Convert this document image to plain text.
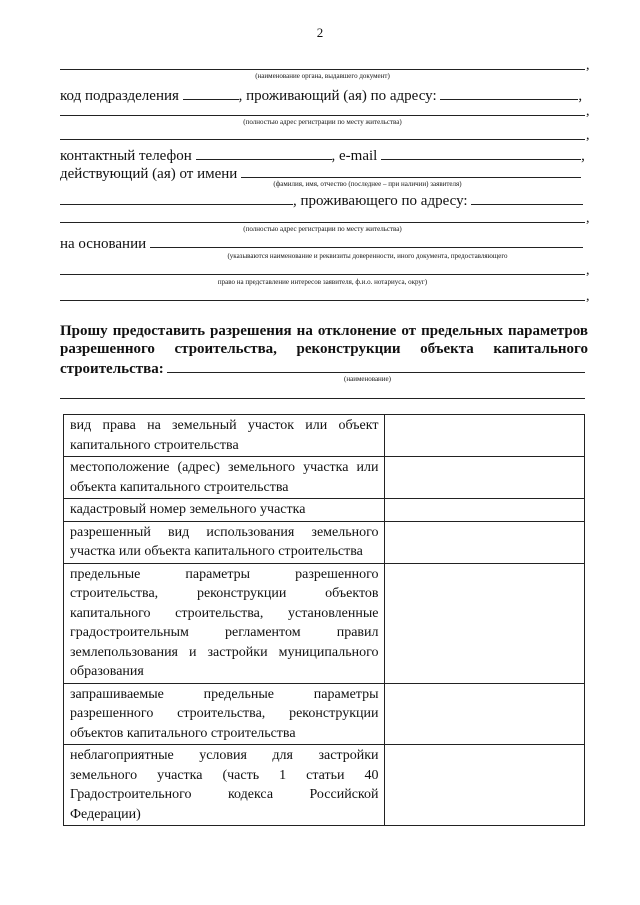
2
,
(наименование органа, выдавшего документ)
код подразделения	, проживающий (ая) по адресу:	,
,
(полностью адрес регистрации по месту жительства)
,
контактный телефон	, e-mail	,
действующий (ая) от имени
(фамилия, имя, отчество (последнее – при наличии) заявителя)
, проживающего по адресу:
,
(полностью адрес регистрации по месту жительства)
на основании
(указываются наименование и реквизиты доверенности, иного документа, предоставляющего
,
право на представление интересов заявителя, ф.и.о. нотариуса, округ)
,
Прошу предоставить разрешения на отклонение от предельных параметров
разрешенного строительства, реконструкции объекта капитального
строительства:
(наименование)
вид права на земельный участок или объект капитального строительства	
местоположение (адрес) земельного участка или объекта капитального строительства	
кадастровый номер земельного участка	
разрешенный вид использования земельного участка или объекта капитального строительства	
предельные параметры разрешенного строительства, реконструкции объектов капитального строительства, установленные градостроительным регламентом правил землепользования и застройки муниципального образования	
запрашиваемые предельные параметры разрешенного строительства, реконструкции объектов капитального строительства	
неблагоприятные условия для застройки земельного участка (часть 1 статьи 40 Градостроительного кодекса Российской Федерации)	
